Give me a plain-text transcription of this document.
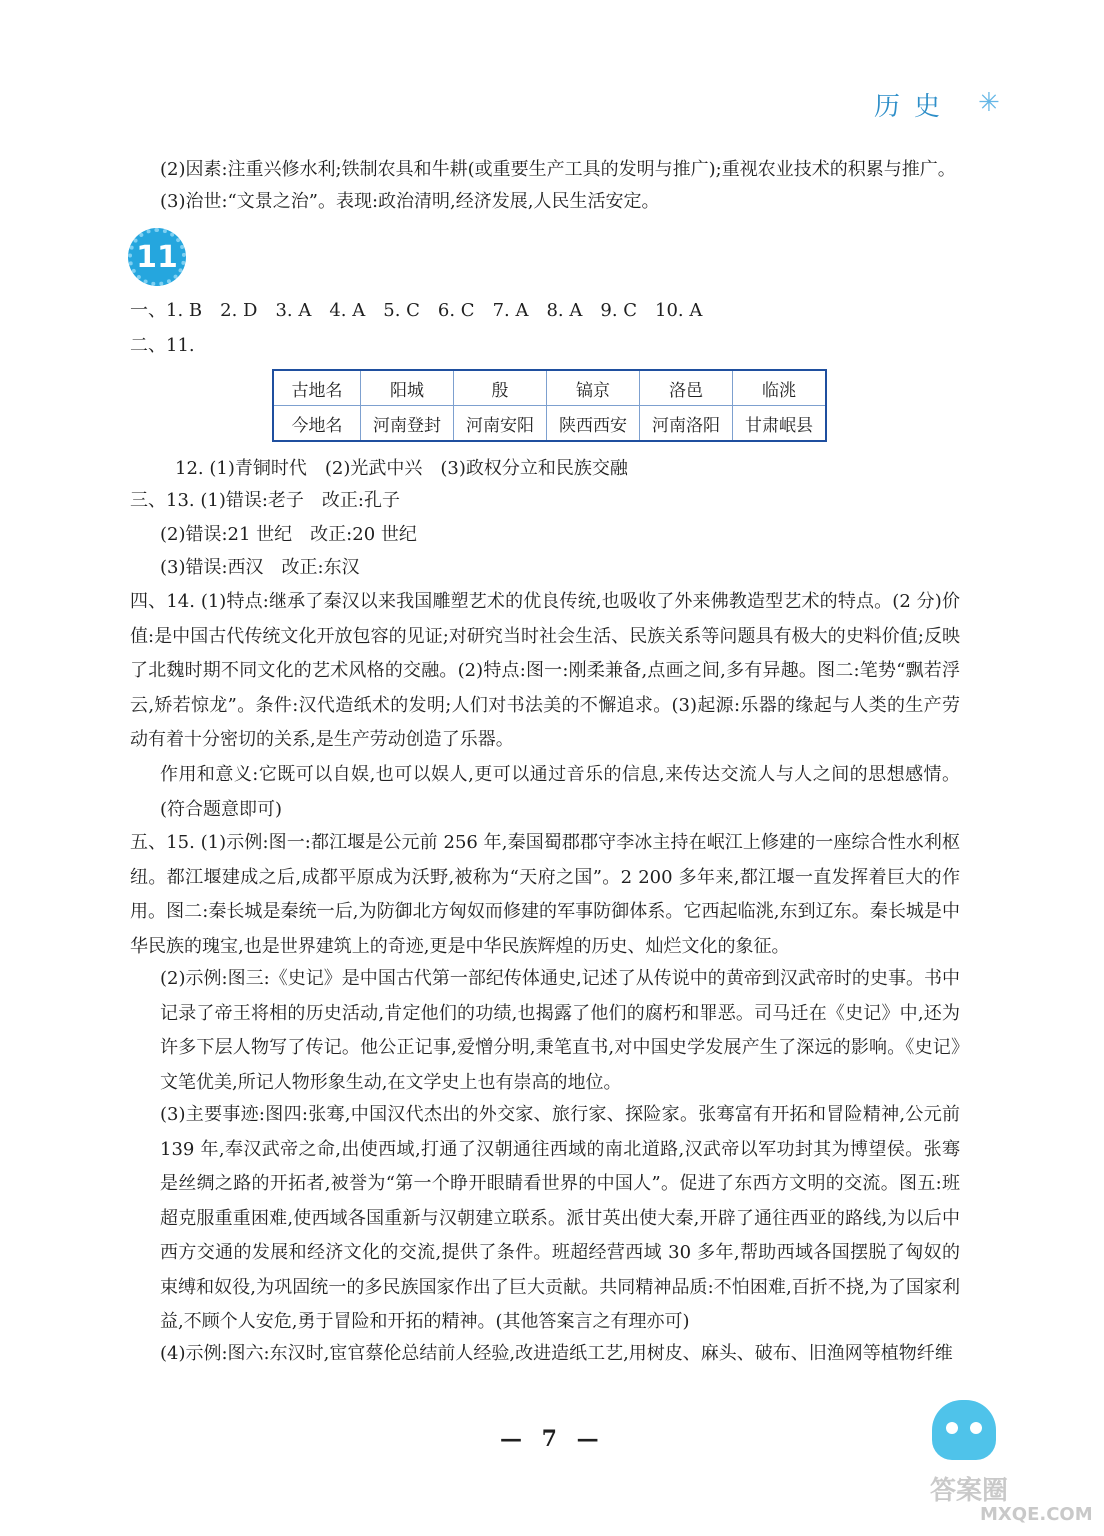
历史 ✳
(2)因素:注重兴修水利;铁制农具和牛耕(或重要生产工具的发明与推广);重视农业技术的积累与推广。
(3)治世:“文景之治”。表现:政治清明,经济发展,人民生活安定。
11
一、1. B　2. D　3. A　4. A　5. C　6. C　7. A　8. A　9. C　10. A
二、11.
古地名	阳城	殷	镐京	洛邑	临洮
今地名	河南登封	河南安阳	陕西西安	河南洛阳	甘肃岷县
12. (1)青铜时代　(2)光武中兴　(3)政权分立和民族交融
三、13. (1)错误:老子　改正:孔子
(2)错误:21 世纪　改正:20 世纪
(3)错误:西汉　改正:东汉
四、14. (1)特点:继承了秦汉以来我国雕塑艺术的优良传统,也吸收了外来佛教造型艺术的特点。(2 分)价值:是中国古代传统文化开放包容的见证;对研究当时社会生活、民族关系等问题具有极大的史料价值;反映了北魏时期不同文化的艺术风格的交融。(2)特点:图一:刚柔兼备,点画之间,多有异趣。图二:笔势“飘若浮云,矫若惊龙”。条件:汉代造纸术的发明;人们对书法美的不懈追求。(3)起源:乐器的缘起与人类的生产劳动有着十分密切的关系,是生产劳动创造了乐器。
作用和意义:它既可以自娱,也可以娱人,更可以通过音乐的信息,来传达交流人与人之间的思想感情。(符合题意即可)
五、15. (1)示例:图一:都江堰是公元前 256 年,秦国蜀郡郡守李冰主持在岷江上修建的一座综合性水利枢纽。都江堰建成之后,成都平原成为沃野,被称为“天府之国”。2 200 多年来,都江堰一直发挥着巨大的作用。图二:秦长城是秦统一后,为防御北方匈奴而修建的军事防御体系。它西起临洮,东到辽东。秦长城是中华民族的瑰宝,也是世界建筑上的奇迹,更是中华民族辉煌的历史、灿烂文化的象征。
(2)示例:图三:《史记》是中国古代第一部纪传体通史,记述了从传说中的黄帝到汉武帝时的史事。书中记录了帝王将相的历史活动,肯定他们的功绩,也揭露了他们的腐朽和罪恶。司马迁在《史记》中,还为许多下层人物写了传记。他公正记事,爱憎分明,秉笔直书,对中国史学发展产生了深远的影响。《史记》文笔优美,所记人物形象生动,在文学史上也有崇高的地位。
(3)主要事迹:图四:张骞,中国汉代杰出的外交家、旅行家、探险家。张骞富有开拓和冒险精神,公元前 139 年,奉汉武帝之命,出使西域,打通了汉朝通往西域的南北道路,汉武帝以军功封其为博望侯。张骞是丝绸之路的开拓者,被誉为“第一个睁开眼睛看世界的中国人”。促进了东西方文明的交流。图五:班超克服重重困难,使西域各国重新与汉朝建立联系。派甘英出使大秦,开辟了通往西亚的路线,为以后中西方交通的发展和经济文化的交流,提供了条件。班超经营西域 30 多年,帮助西域各国摆脱了匈奴的束缚和奴役,为巩固统一的多民族国家作出了巨大贡献。共同精神品质:不怕困难,百折不挠,为了国家利益,不顾个人安危,勇于冒险和开拓的精神。(其他答案言之有理亦可)
(4)示例:图六:东汉时,宦官蔡伦总结前人经验,改进造纸工艺,用树皮、麻头、破布、旧渔网等植物纤维
— 7 —
答案圈
MXQE.COM
